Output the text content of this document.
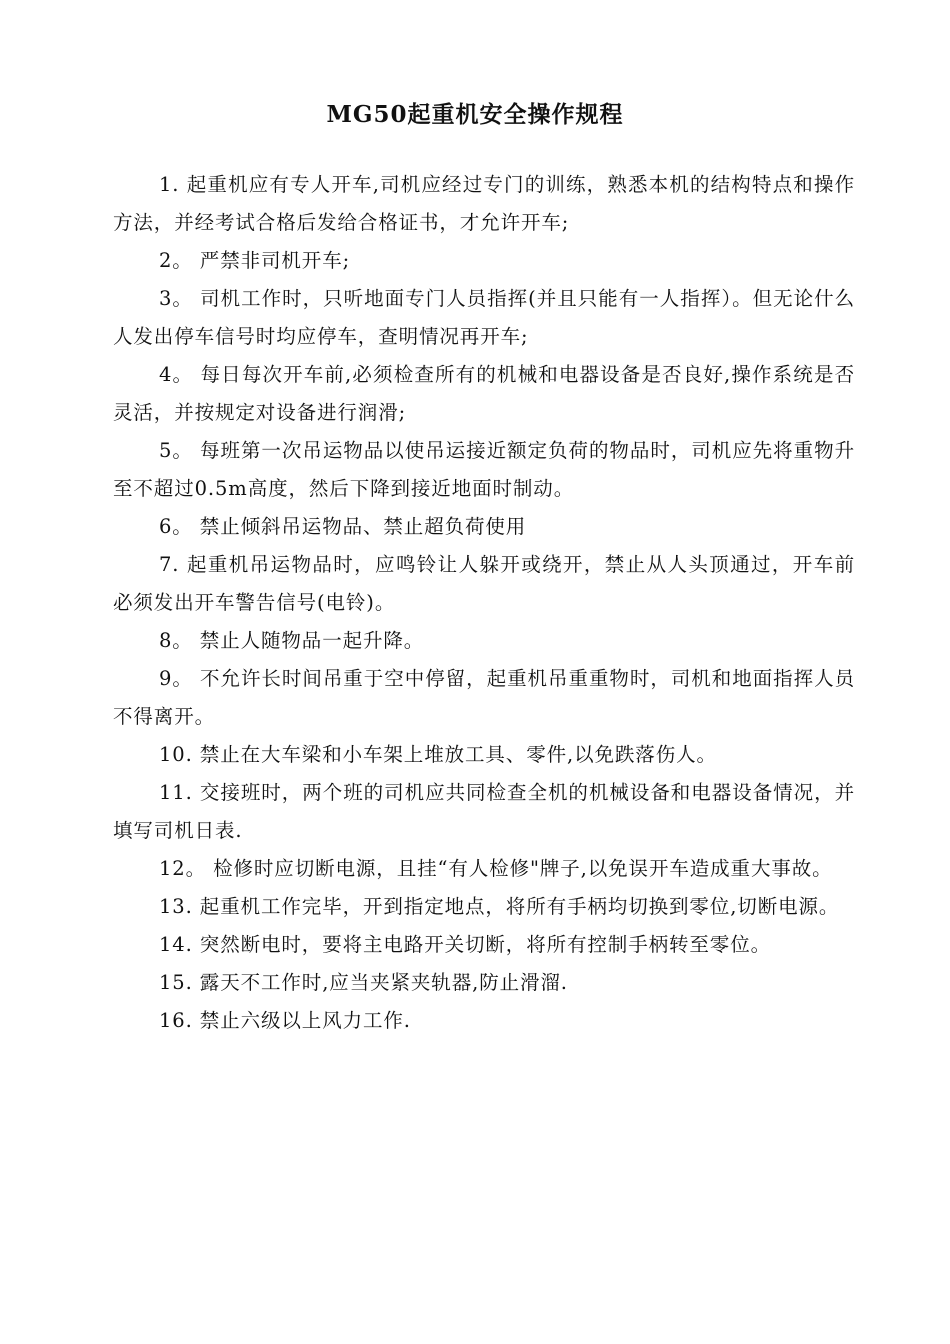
MG50起重机安全操作规程
1. 起重机应有专人开车,司机应经过专门的训练，熟悉本机的结构特点和操作方法，并经考试合格后发给合格证书，才允许开车;
2。 严禁非司机开车;
3。 司机工作时，只听地面专门人员指挥(并且只能有一人指挥）。但无论什么人发出停车信号时均应停车，查明情况再开车;
4。 每日每次开车前,必须检查所有的机械和电器设备是否良好,操作系统是否灵活，并按规定对设备进行润滑;
5。 每班第一次吊运物品以使吊运接近额定负荷的物品时，司机应先将重物升至不超过0.5m高度，然后下降到接近地面时制动。
6。 禁止倾斜吊运物品、禁止超负荷使用
7. 起重机吊运物品时，应鸣铃让人躲开或绕开，禁止从人头顶通过，开车前必须发出开车警告信号(电铃)。
8。 禁止人随物品一起升降。
9。 不允许长时间吊重于空中停留，起重机吊重重物时，司机和地面指挥人员不得离开。
10. 禁止在大车梁和小车架上堆放工具、零件,以免跌落伤人。
11. 交接班时，两个班的司机应共同检查全机的机械设备和电器设备情况，并填写司机日表.
12。 检修时应切断电源，且挂“有人检修"牌子,以免误开车造成重大事故。
13. 起重机工作完毕，开到指定地点，将所有手柄均切换到零位,切断电源。
14. 突然断电时，要将主电路开关切断，将所有控制手柄转至零位。
15. 露天不工作时,应当夹紧夹轨器,防止滑溜.
16. 禁止六级以上风力工作.
